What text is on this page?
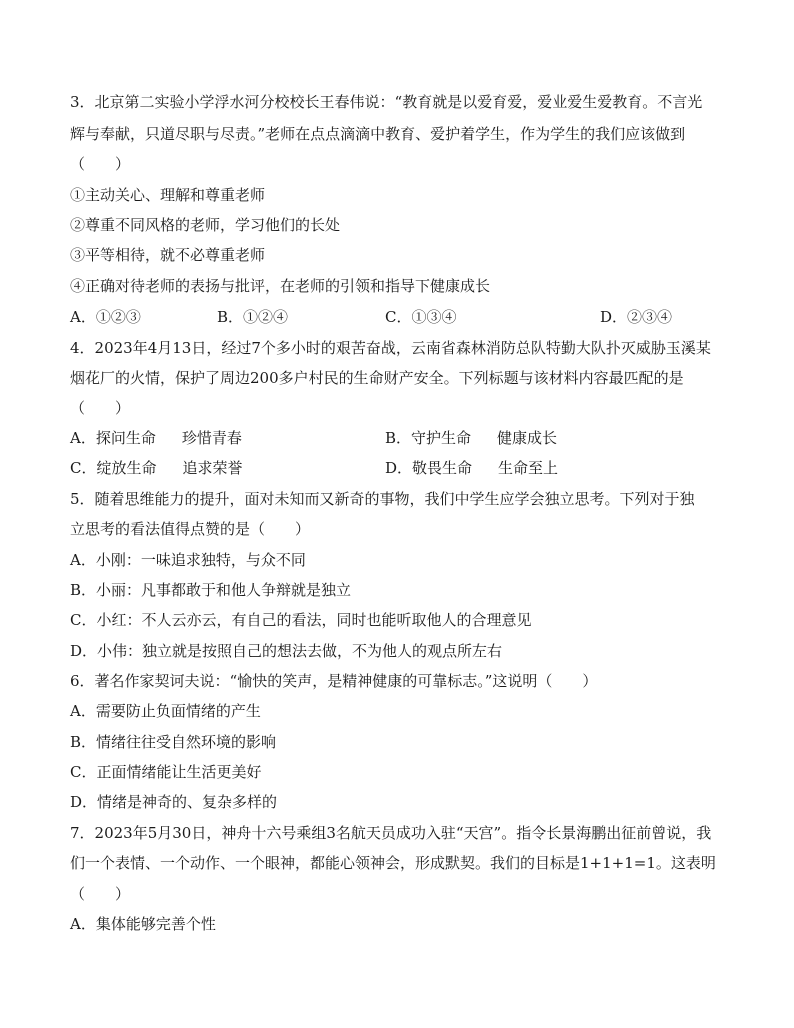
3．北京第二实验小学浮水河分校校长王春伟说：“教育就是以爱育爱，爱业爱生爱教育。不言光
辉与奉献，只道尽职与尽责。”老师在点点滴滴中教育、爱护着学生，作为学生的我们应该做到
（　　）
①主动关心、理解和尊重老师
②尊重不同风格的老师，学习他们的长处
③平等相待，就不必尊重老师
④正确对待老师的表扬与批评，在老师的引领和指导下健康成长
A．①②③	B．①②④	C．①③④	D．②③④
4．2023年4月13日，经过7个多小时的艰苦奋战，云南省森林消防总队特勤大队扑灭威胁玉溪某
烟花厂的火情，保护了周边200多户村民的生命财产安全。下列标题与该材料内容最匹配的是
（　　）
A．探问生命 珍惜青春	B．守护生命 健康成长
C．绽放生命 追求荣誉	D．敬畏生命 生命至上
5．随着思维能力的提升，面对未知而又新奇的事物，我们中学生应学会独立思考。下列对于独
立思考的看法值得点赞的是（　　）
A．小刚：一味追求独特，与众不同
B．小丽：凡事都敢于和他人争辩就是独立
C．小红：不人云亦云，有自己的看法，同时也能听取他人的合理意见
D．小伟：独立就是按照自己的想法去做，不为他人的观点所左右
6．著名作家契诃夫说：“愉快的笑声，是精神健康的可靠标志。”这说明（　　）
A．需要防止负面情绪的产生
B．情绪往往受自然环境的影响
C．正面情绪能让生活更美好
D．情绪是神奇的、复杂多样的
7．2023年5月30日，神舟十六号乘组3名航天员成功入驻“天宫”。指令长景海鹏出征前曾说，我
们一个表情、一个动作、一个眼神，都能心领神会，形成默契。我们的目标是1+1+1=1。这表明
（　　）
A．集体能够完善个性
